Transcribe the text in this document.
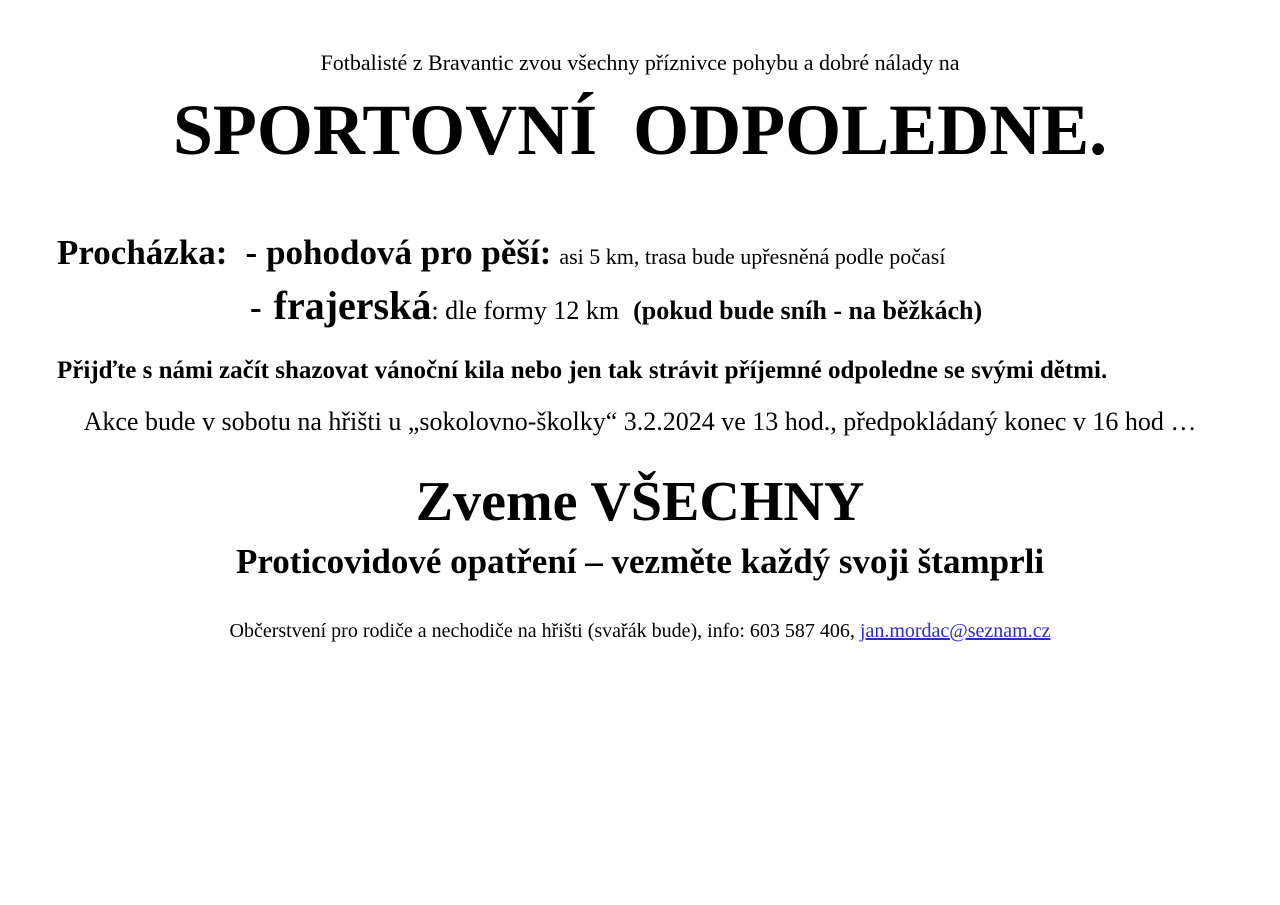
Fotbalisté z Bravantic zvou všechny příznivce pohybu a dobré nálady na

SPORTOVNÍ  ODPOLEDNE.
Procházka: - pohodová pro pěší: asi 5 km, trasa bude upřesněná podle počasí
- frajerská: dle formy 12 km (pokud bude sníh - na běžkách)

Přijďte s námi začít shazovat vánoční kila nebo jen tak strávit příjemné odpoledne se svými dětmi.

Akce bude v sobotu na hřišti u „sokolovno-školky“ 3.2.2024 ve 13 hod., předpokládaný konec v 16 hod …

Zveme VŠECHNY

Proticovidové opatření – vezměte každý svoji štamprli

Občerstvení pro rodiče a nechodiče na hřišti (svařák bude), info: 603 587 406, jan.mordac@seznam.cz
